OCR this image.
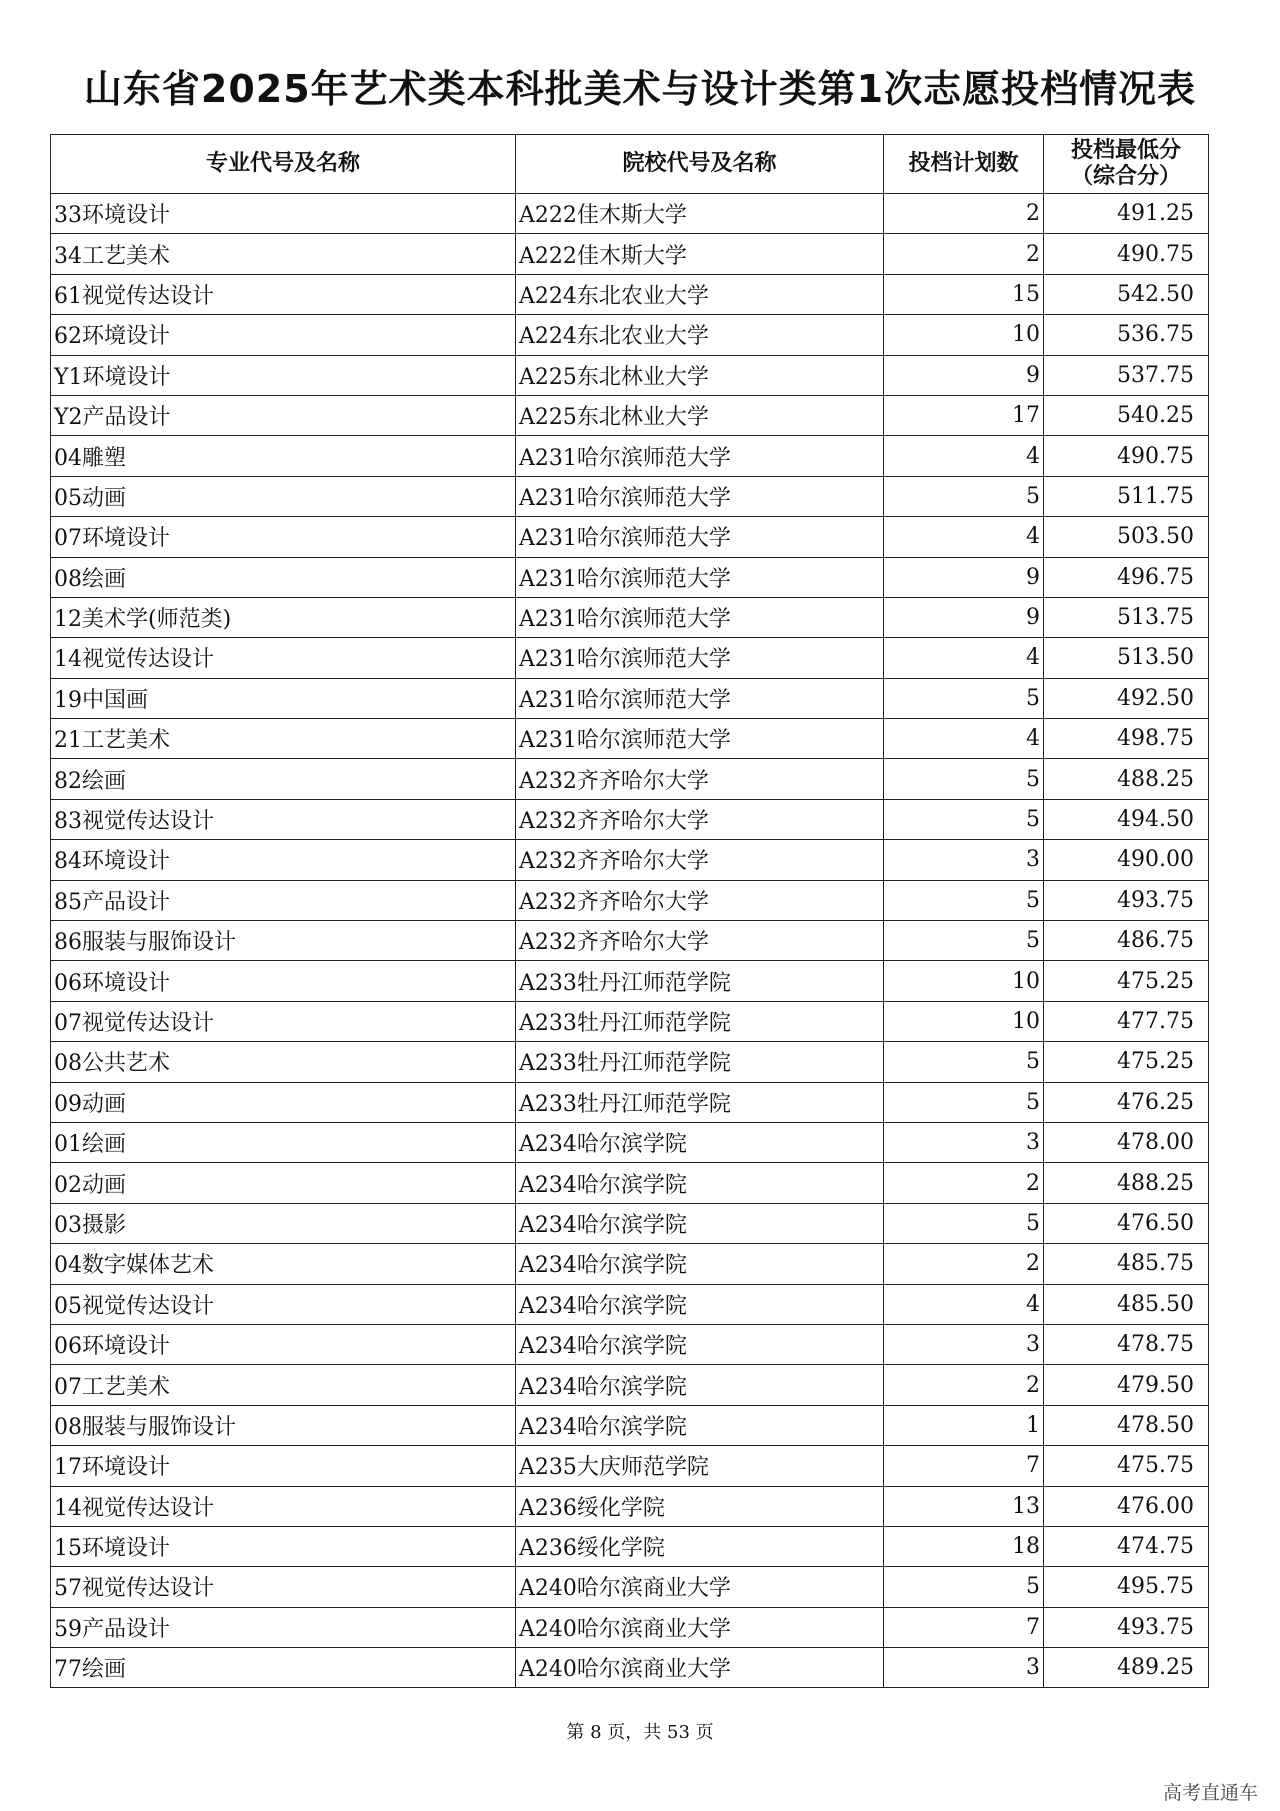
山东省2025年艺术类本科批美术与设计类第1次志愿投档情况表
专业代号及名称	院校代号及名称	投档计划数	投档最低分
（综合分）

33环境设计	A222佳木斯大学	2	491.25
34工艺美术	A222佳木斯大学	2	490.75
61视觉传达设计	A224东北农业大学	15	542.50
62环境设计	A224东北农业大学	10	536.75
Y1环境设计	A225东北林业大学	9	537.75
Y2产品设计	A225东北林业大学	17	540.25
04雕塑	A231哈尔滨师范大学	4	490.75
05动画	A231哈尔滨师范大学	5	511.75
07环境设计	A231哈尔滨师范大学	4	503.50
08绘画	A231哈尔滨师范大学	9	496.75
12美术学(师范类)	A231哈尔滨师范大学	9	513.75
14视觉传达设计	A231哈尔滨师范大学	4	513.50
19中国画	A231哈尔滨师范大学	5	492.50
21工艺美术	A231哈尔滨师范大学	4	498.75
82绘画	A232齐齐哈尔大学	5	488.25
83视觉传达设计	A232齐齐哈尔大学	5	494.50
84环境设计	A232齐齐哈尔大学	3	490.00
85产品设计	A232齐齐哈尔大学	5	493.75
86服装与服饰设计	A232齐齐哈尔大学	5	486.75
06环境设计	A233牡丹江师范学院	10	475.25
07视觉传达设计	A233牡丹江师范学院	10	477.75
08公共艺术	A233牡丹江师范学院	5	475.25
09动画	A233牡丹江师范学院	5	476.25
01绘画	A234哈尔滨学院	3	478.00
02动画	A234哈尔滨学院	2	488.25
03摄影	A234哈尔滨学院	5	476.50
04数字媒体艺术	A234哈尔滨学院	2	485.75
05视觉传达设计	A234哈尔滨学院	4	485.50
06环境设计	A234哈尔滨学院	3	478.75
07工艺美术	A234哈尔滨学院	2	479.50
08服装与服饰设计	A234哈尔滨学院	1	478.50
17环境设计	A235大庆师范学院	7	475.75
14视觉传达设计	A236绥化学院	13	476.00
15环境设计	A236绥化学院	18	474.75
57视觉传达设计	A240哈尔滨商业大学	5	495.75
59产品设计	A240哈尔滨商业大学	7	493.75
77绘画	A240哈尔滨商业大学	3	489.25
第 8 页，共 53 页
高考直通车
